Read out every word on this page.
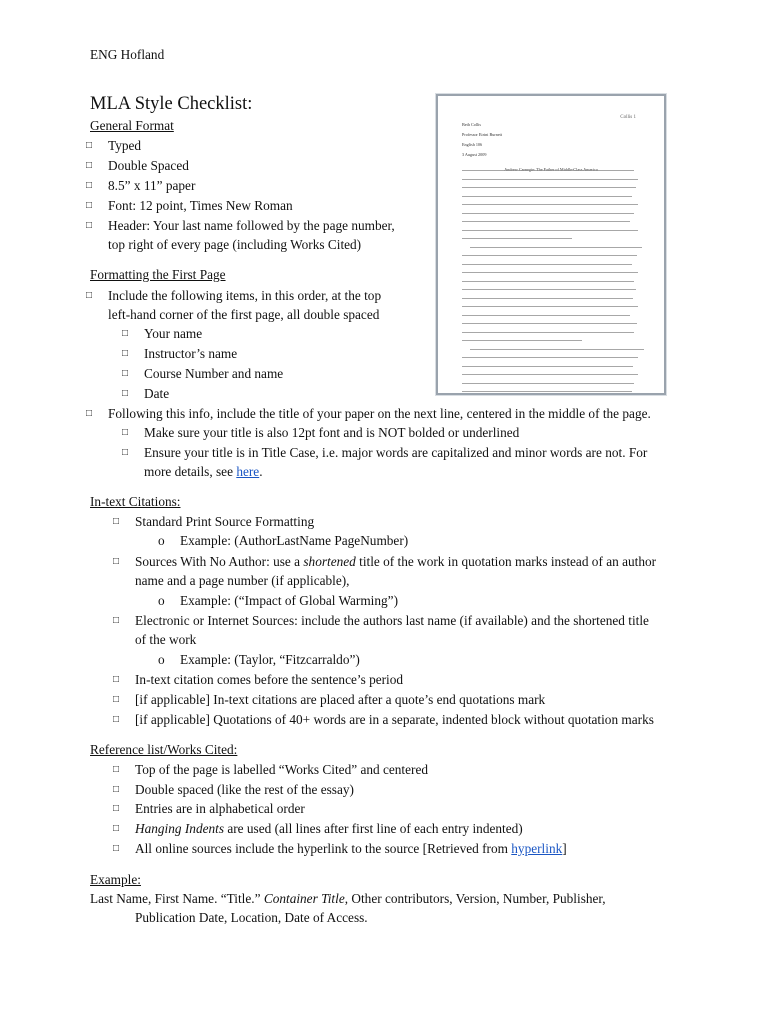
ENG Hofland
MLA Style Checklist:
Collis 1
Beth Collis
Professor Eirini Burnett
English 106
3 August 2009
General Format
□ Typed
□ Double Spaced
□ 8.5” x 11” paper
□ Font: 12 point, Times New Roman
□ Header: Your last name followed by the page number,
top right of every page (including Works Cited)
Formatting the First Page
□ Include the following items, in this order, at the top
left-hand corner of the first page, all double spaced
□ Your name
□ Instructor’s name
□ Course Number and name
□ Date
□ Following this info, include the title of your paper on the next line, centered in the middle of the page.
□ Make sure your title is also 12pt font and is NOT bolded or underlined
□ Ensure your title is in Title Case, i.e. major words are capitalized and minor words are not. For
more details, see here.
In-text Citations:
□ Standard Print Source Formatting
o Example: (AuthorLastName PageNumber)
□ Sources With No Author: use a shortened title of the work in quotation marks instead of an author
name and a page number (if applicable),
o Example: (“Impact of Global Warming”)
□ Electronic or Internet Sources: include the authors last name (if available) and the shortened title
of the work
o Example: (Taylor, “Fitzcarraldo”)
□ In-text citation comes before the sentence’s period
□ [if applicable] In-text citations are placed after a quote’s end quotations mark
□ [if applicable] Quotations of 40+ words are in a separate, indented block without quotation marks
Reference list/Works Cited:
□ Top of the page is labelled “Works Cited” and centered
□ Double spaced (like the rest of the essay)
□ Entries are in alphabetical order
□ Hanging Indents are used (all lines after first line of each entry indented)
□ All online sources include the hyperlink to the source [Retrieved from hyperlink]
Example:
Last Name, First Name. “Title.” Container Title, Other contributors, Version, Number, Publisher,
Publication Date, Location, Date of Access.
